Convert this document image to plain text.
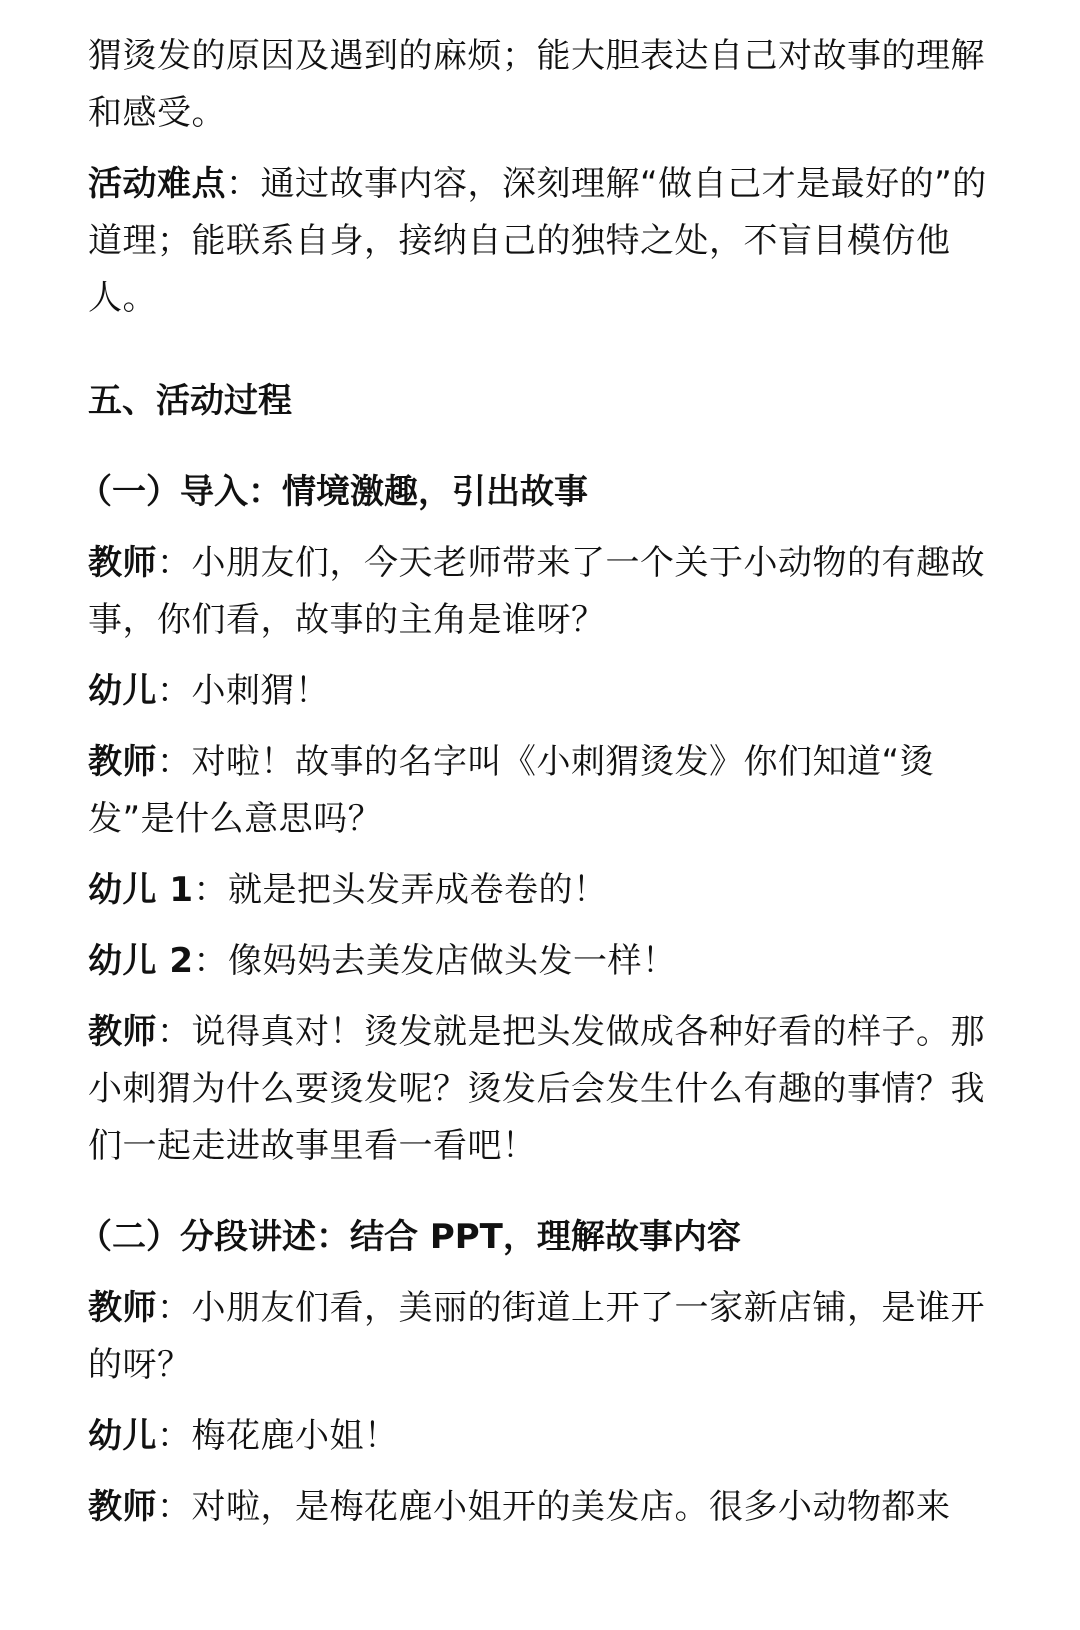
猬烫发的原因及遇到的麻烦；能大胆表达自己对故事的理解和感受。

活动难点：通过故事内容，深刻理解“做自己才是最好的”的道理；能联系自身，接纳自己的独特之处，不盲目模仿他人。

五、活动过程
（一）导入：情境激趣，引出故事

教师：小朋友们，今天老师带来了一个关于小动物的有趣故事，你们看，故事的主角是谁呀？

幼儿：小刺猬！

教师：对啦！故事的名字叫《小刺猬烫发》你们知道“烫发”是什么意思吗？

幼儿 1：就是把头发弄成卷卷的！

幼儿 2：像妈妈去美发店做头发一样！

教师：说得真对！烫发就是把头发做成各种好看的样子。那小刺猬为什么要烫发呢？烫发后会发生什么有趣的事情？我们一起走进故事里看一看吧！

（二）分段讲述：结合 PPT，理解故事内容

教师：小朋友们看，美丽的街道上开了一家新店铺，是谁开的呀？

幼儿：梅花鹿小姐！

教师：对啦，是梅花鹿小姐开的美发店。很多小动物都来
